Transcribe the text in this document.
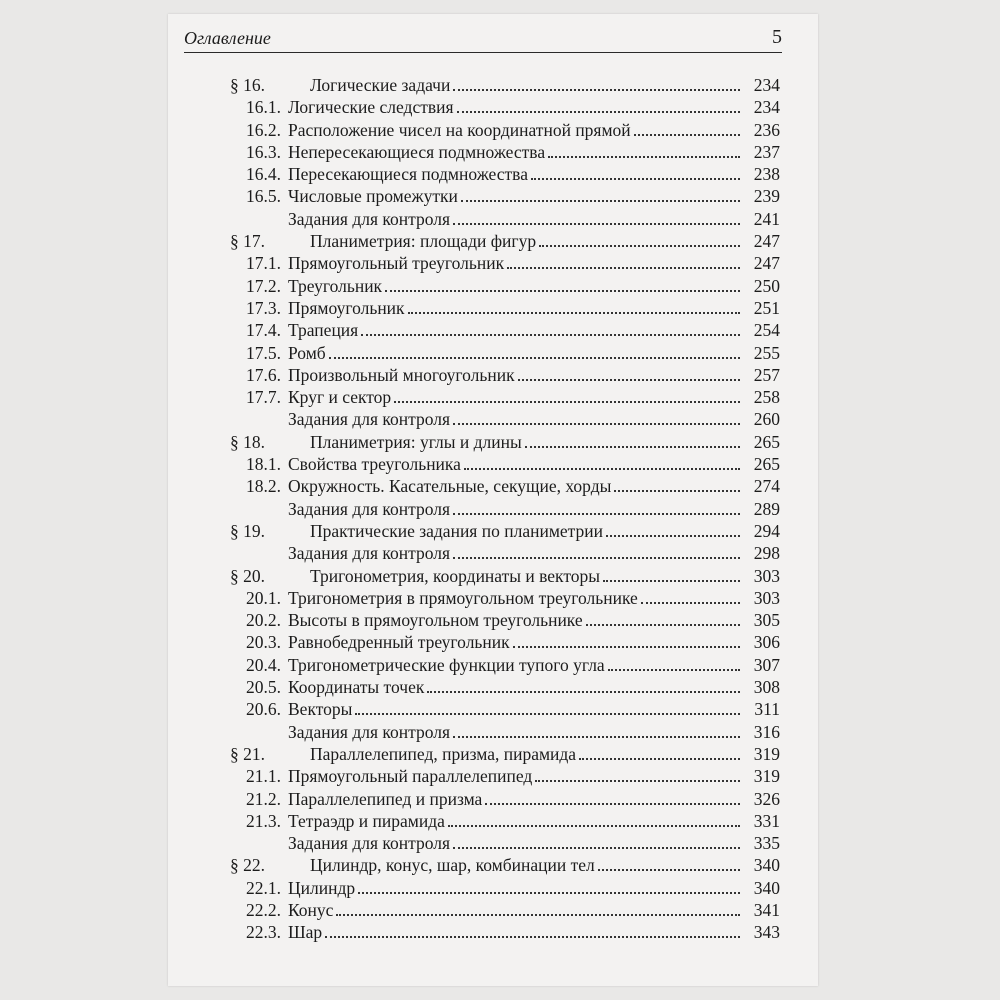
Оглавление	5
§ 16.	Логические задачи	234
16.1. Логические следствия	234
16.2. Расположение чисел на координатной прямой	236
16.3. Непересекающиеся подмножества	237
16.4. Пересекающиеся подмножества	238
16.5. Числовые промежутки	239
Задания для контроля	241
§ 17.	Планиметрия: площади фигур	247
17.1. Прямоугольный треугольник	247
17.2. Треугольник	250
17.3. Прямоугольник	251
17.4. Трапеция	254
17.5. Ромб	255
17.6. Произвольный многоугольник	257
17.7. Круг и сектор	258
Задания для контроля	260
§ 18.	Планиметрия: углы и длины	265
18.1. Свойства треугольника	265
18.2. Окружность. Касательные, секущие, хорды	274
Задания для контроля	289
§ 19.	Практические задания по планиметрии	294
Задания для контроля	298
§ 20.	Тригонометрия, координаты и векторы	303
20.1. Тригонометрия в прямоугольном треугольнике	303
20.2. Высоты в прямоугольном треугольнике	305
20.3. Равнобедренный треугольник	306
20.4. Тригонометрические функции тупого угла	307
20.5. Координаты точек	308
20.6. Векторы	311
Задания для контроля	316
§ 21.	Параллелепипед, призма, пирамида	319
21.1. Прямоугольный параллелепипед	319
21.2. Параллелепипед и призма	326
21.3. Тетраэдр и пирамида	331
Задания для контроля	335
§ 22.	Цилиндр, конус, шар, комбинации тел	340
22.1. Цилиндр	340
22.2. Конус	341
22.3. Шар	343
